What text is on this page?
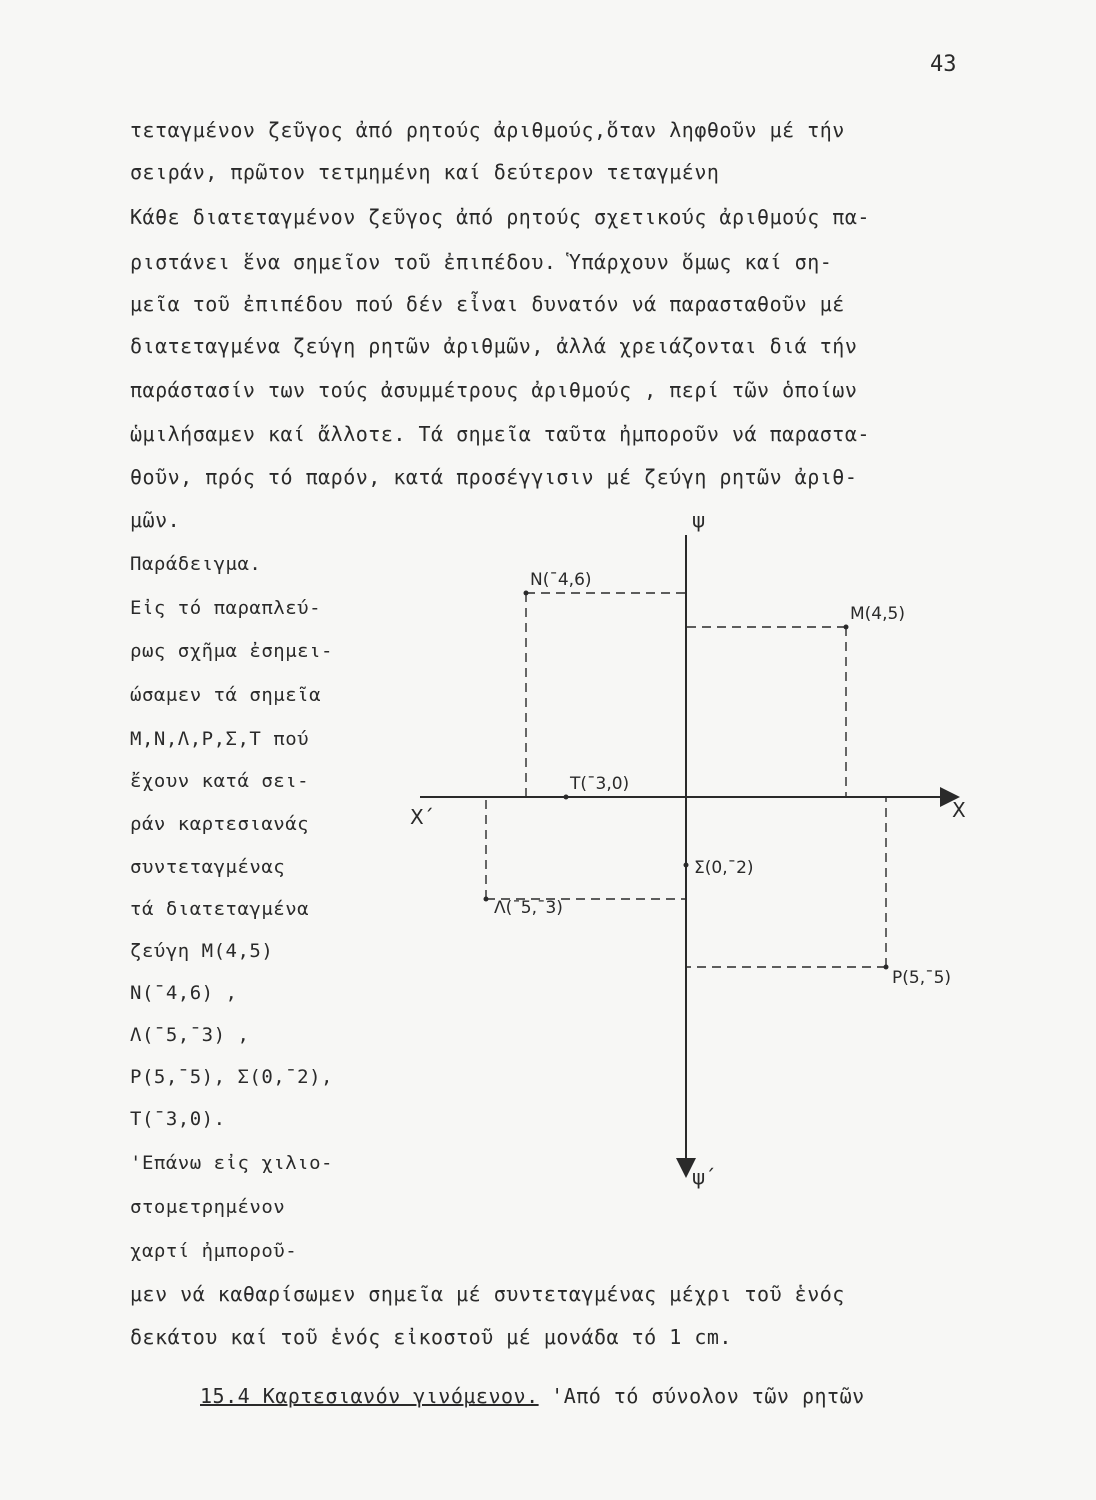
43
τεταγμένον ζεῦγος ἀπό ρητούς ἀριθμούς,ὅταν ληφθοῦν μέ τήν
σειράν, πρῶτον τετμημένη καί δεύτερον τεταγμένη
Κάθε διατεταγμένον ζεῦγος ἀπό ρητούς σχετικούς ἀριθμούς πα-
ριστάνει ἕνα σημεῖον τοῦ ἐπιπέδου. Ὑπάρχουν ὅμως καί ση-
μεῖα τοῦ ἐπιπέδου πού δέν εἶναι δυνατόν νά παρασταθοῦν μέ
διατεταγμένα ζεύγη ρητῶν ἀριθμῶν, ἀλλά χρειάζονται διά τήν
παράστασίν των τούς ἀσυμμέτρους ἀριθμούς , περί τῶν ὁποίων
ὡμιλήσαμεν καί ἄλλοτε. Τά σημεῖα ταῦτα ἠμποροῦν νά παραστα-
θοῦν, πρός τό παρόν, κατά προσέγγισιν μέ ζεύγη ρητῶν ἀριθ-
μῶν.
Παράδειγμα.
Εἰς τό παραπλεύ-
ρως σχῆμα ἐσημει-
ώσαμεν τά σημεῖα
Μ,Ν,Λ,Ρ,Σ,Τ πού
ἔχουν κατά σει-
ράν καρτεσιανάς
συντεταγμένας
τά διατεταγμένα
ζεύγη Μ(4,5)
Ν(¯4,6) ,
Λ(¯5,¯3) ,
Ρ(5,¯5), Σ(0,¯2),
Τ(¯3,0).
'Επάνω εἰς χιλιο-
στομετρημένον
χαρτί ἠμποροῦ-
μεν νά καθαρίσωμεν σημεῖα μέ συντεταγμένας μέχρι τοῦ ἑνός
δεκάτου καί τοῦ ἑνός εἰκοστοῦ μέ μονάδα τό 1 cm.
15.4 Καρτεσιανόν γινόμενον. 'Από τό σύνολον τῶν ρητῶν
M(4,5)
N(¯4,6)
T(¯3,0)
Σ(0,¯2)
Λ(¯5,¯3)
P(5,¯5)
X
X΄
ψ
ψ΄
